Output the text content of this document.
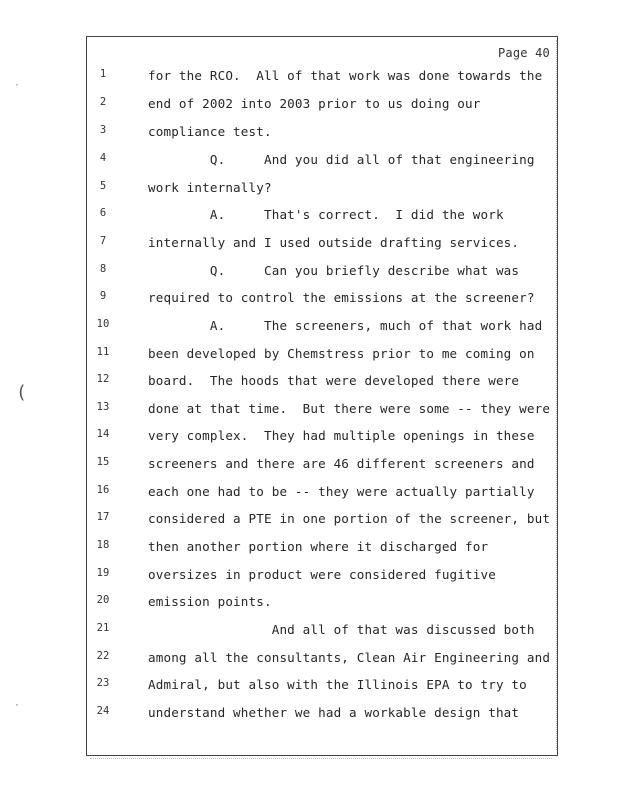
Page 40
1	for the RCO.  All of that work was done towards the
2	end of 2002 into 2003 prior to us doing our
3	compliance test.
4	Q.     And you did all of that engineering
5	work internally?
6	A.     That's correct.  I did the work
7	internally and I used outside drafting services.
8	Q.     Can you briefly describe what was
9	required to control the emissions at the screener?
10	A.     The screeners, much of that work had
11	been developed by Chemstress prior to me coming on
12	board.  The hoods that were developed there were
13	done at that time.  But there were some -- they were
14	very complex.  They had multiple openings in these
15	screeners and there are 46 different screeners and
16	each one had to be -- they were actually partially
17	considered a PTE in one portion of the screener, but
18	then another portion where it discharged for
19	oversizes in product were considered fugitive
20	emission points.
21	And all of that was discussed both
22	among all the consultants, Clean Air Engineering and
23	Admiral, but also with the Illinois EPA to try to
24	understand whether we had a workable design that
(
·
·
